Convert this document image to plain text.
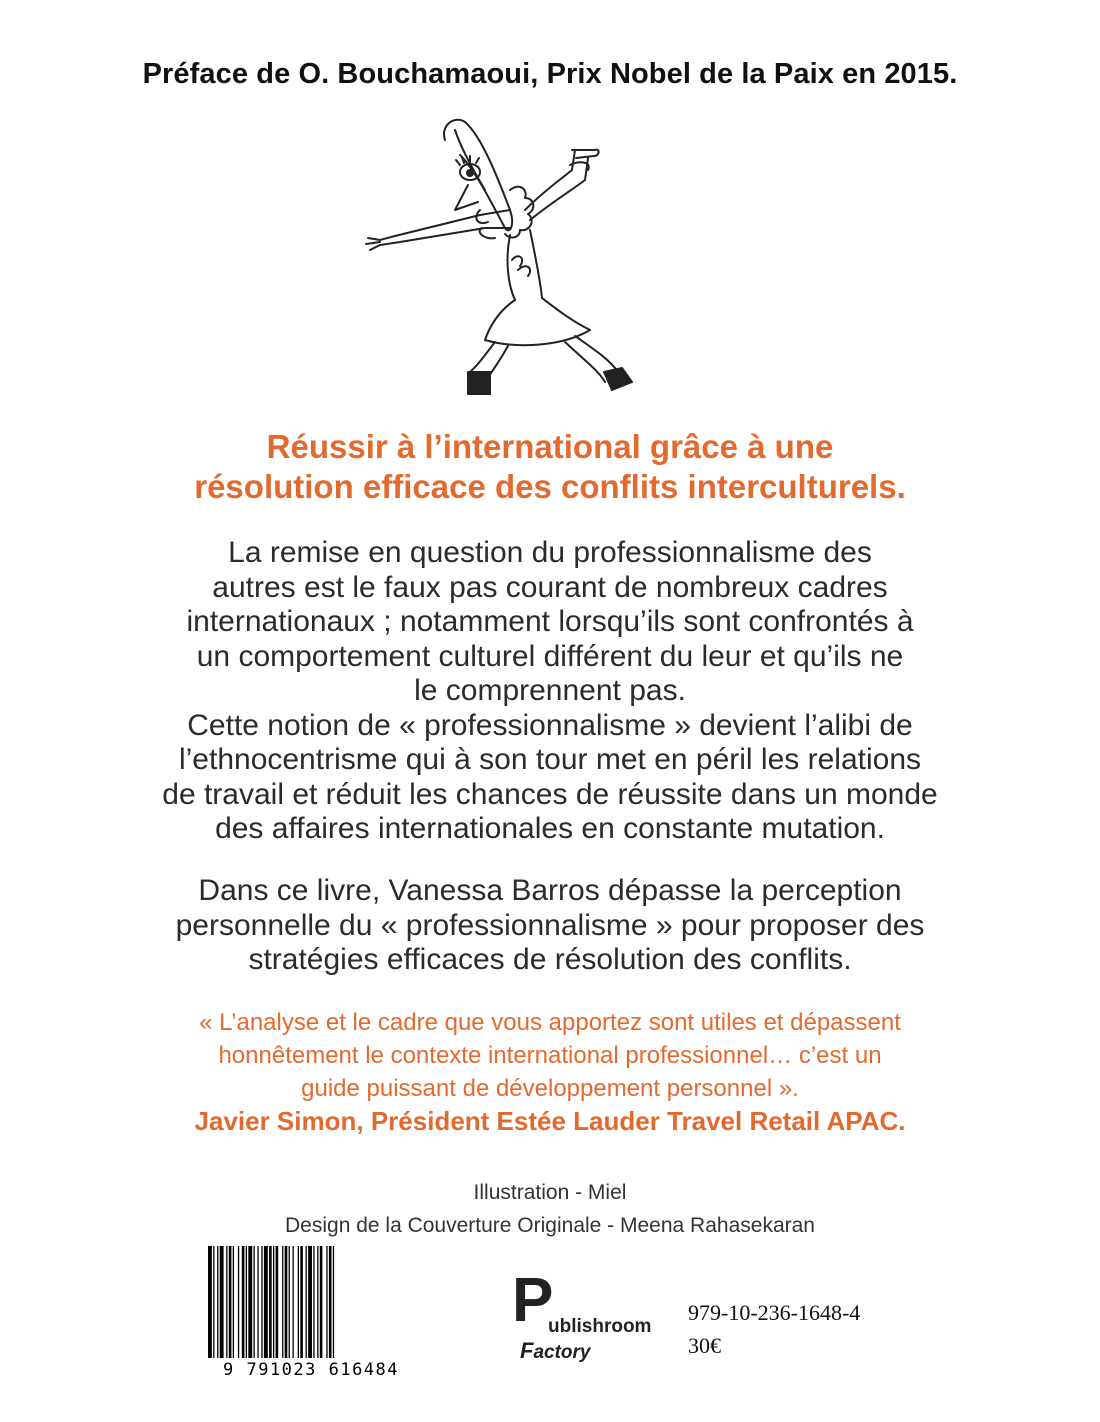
Préface de O. Bouchamaoui, Prix Nobel de la Paix en 2015.
Réussir à l’international grâce à une
résolution efficace des conflits interculturels.
La remise en question du professionnalisme des
autres est le faux pas courant de nombreux cadres
internationaux ; notamment lorsqu’ils sont confrontés à
un comportement culturel différent du leur et qu’ils ne
le comprennent pas.
Cette notion de « professionnalisme » devient l’alibi de
l’ethnocentrisme qui à son tour met en péril les relations
de travail et réduit les chances de réussite dans un monde
des affaires internationales en constante mutation.
Dans ce livre, Vanessa Barros dépasse la perception
personnelle du « professionnalisme » pour proposer des
stratégies efficaces de résolution des conflits.
« L’analyse et le cadre que vous apportez sont utiles et dépassent
honnêtement le contexte international professionnel… c’est un
guide puissant de développement personnel ».
Javier Simon, Président Estée Lauder Travel Retail APAC.
Illustration - Miel
Design de la Couverture Originale - Meena Rahasekaran
9 791023 616484
P
ublishroom
Factory
979-10-236-1648-4
30€
